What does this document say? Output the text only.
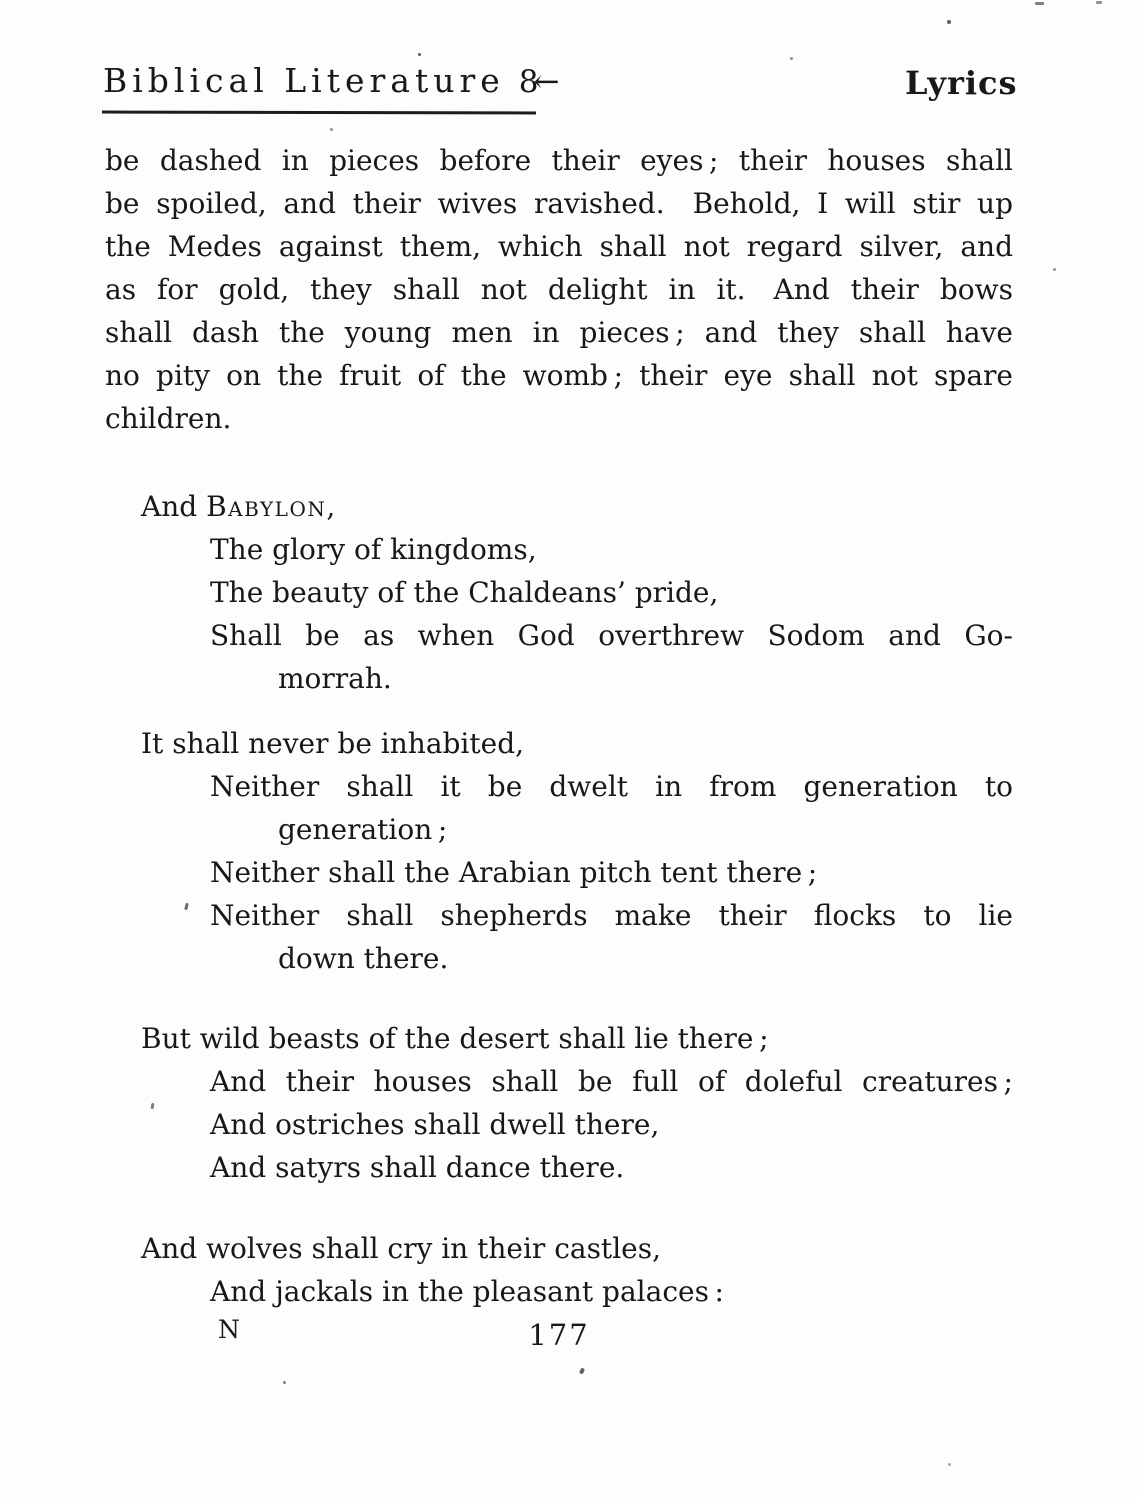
Biblical Literature 8←	Lyrics
be dashed in pieces before their eyes ; their houses shall
be spoiled, and their wives ravished. Behold, I will stir up
the Medes against them, which shall not regard silver, and
as for gold, they shall not delight in it. And their bows
shall dash the young men in pieces ; and they shall have
no pity on the fruit of the womb ; their eye shall not spare
children.
And Babylon,
The glory of kingdoms,
The beauty of the Chaldeans’ pride,
Shall be as when God overthrew Sodom and Go-
morrah.
It shall never be inhabited,
Neither shall it be dwelt in from generation to
generation ;
Neither shall the Arabian pitch tent there ;
Neither shall shepherds make their flocks to lie
down there.
But wild beasts of the desert shall lie there ;
And their houses shall be full of doleful creatures ;
And ostriches shall dwell there,
And satyrs shall dance there.
And wolves shall cry in their castles,
And jackals in the pleasant palaces :
N	177
